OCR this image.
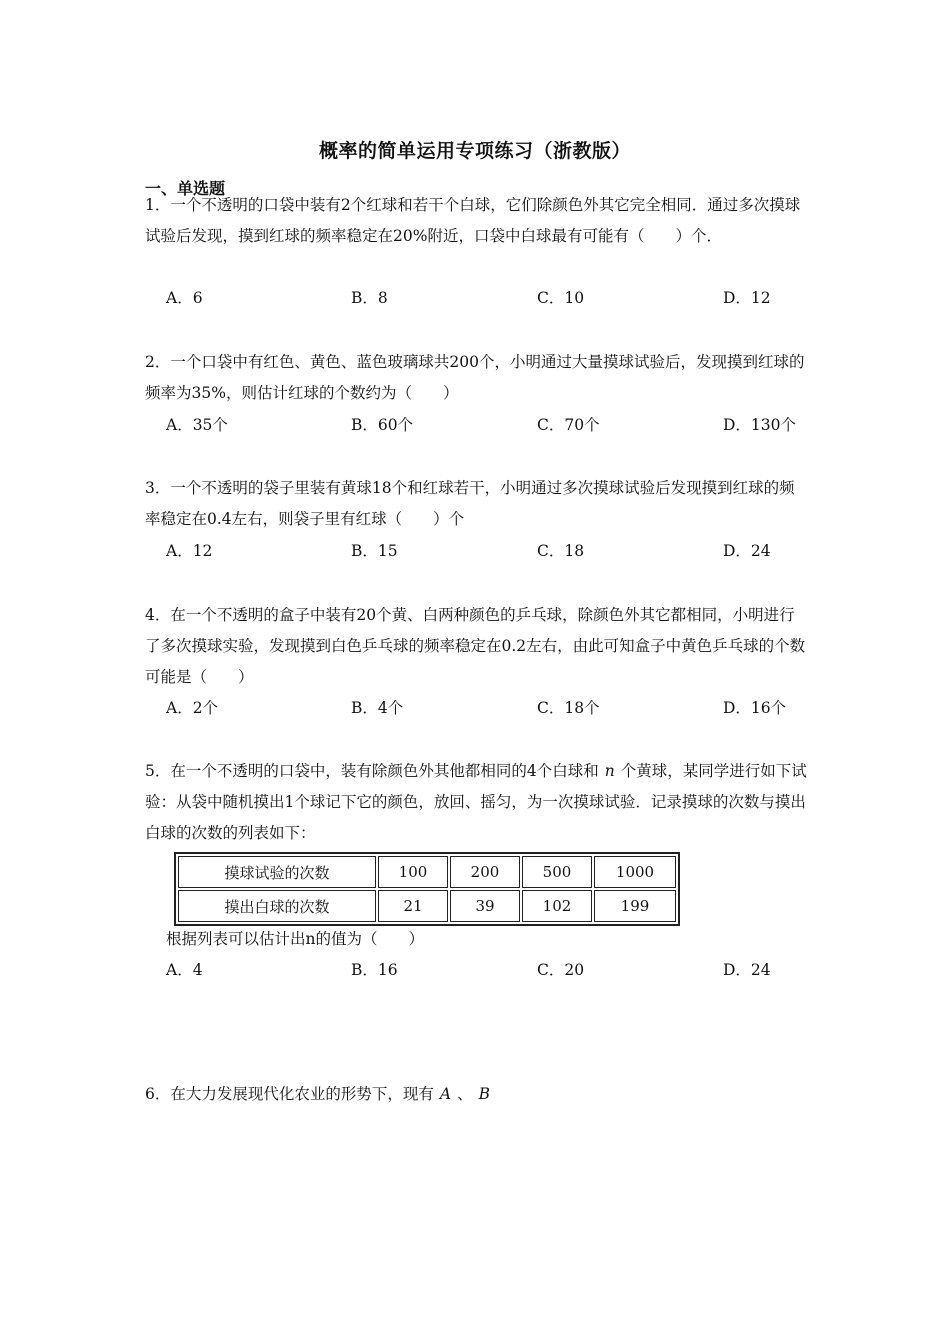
概率的简单运用专项练习（浙教版）
一、单选题
1．一个不透明的口袋中装有2个红球和若干个白球，它们除颜色外其它完全相同．通过多次摸球试验后发现，摸到红球的频率稳定在20%附近，口袋中白球最有可能有（　　）个．
A．6	B．8	C．10	D．12
2．一个口袋中有红色、黄色、蓝色玻璃球共200个，小明通过大量摸球试验后，发现摸到红球的频率为35%，则估计红球的个数约为（　　）
A．35个	B．60个	C．70个	D．130个
3．一个不透明的袋子里装有黄球18个和红球若干，小明通过多次摸球试验后发现摸到红球的频率稳定在0.4左右，则袋子里有红球（　　）个
A．12	B．15	C．18	D．24
4．在一个不透明的盒子中装有20个黄、白两种颜色的乒乓球，除颜色外其它都相同，小明进行了多次摸球实验，发现摸到白色乒乓球的频率稳定在0.2左右，由此可知盒子中黄色乒乓球的个数可能是（　　）
A．2个	B．4个	C．18个	D．16个
5．在一个不透明的口袋中，装有除颜色外其他都相同的4个白球和 n 个黄球，某同学进行如下试验：从袋中随机摸出1个球记下它的颜色，放回、摇匀，为一次摸球试验．记录摸球的次数与摸出白球的次数的列表如下：
摸球试验的次数	100	200	500	1000
摸出白球的次数	21	39	102	199
根据列表可以估计出n的值为（　　）
A．4	B．16	C．20	D．24
6．在大力发展现代化农业的形势下，现有 A 、 B
